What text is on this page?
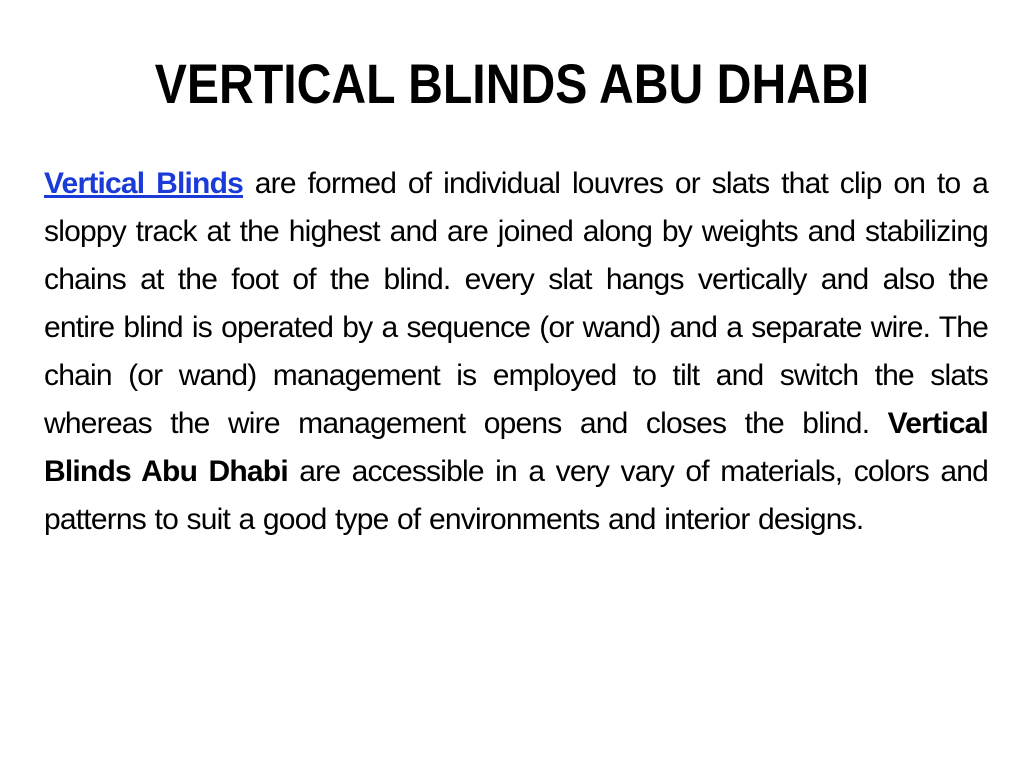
VERTICAL BLINDS ABU DHABI

Vertical Blinds are formed of individual louvres or slats that clip on to a sloppy track at the highest and are joined along by weights and stabilizing chains at the foot of the blind. every slat hangs vertically and also the entire blind is operated by a sequence (or wand) and a separate wire. The chain (or wand) management is employed to tilt and switch the slats whereas the wire management opens and closes the blind. Vertical Blinds Abu Dhabi are accessible in a very vary of materials, colors and patterns to suit a good type of environments and interior designs.
